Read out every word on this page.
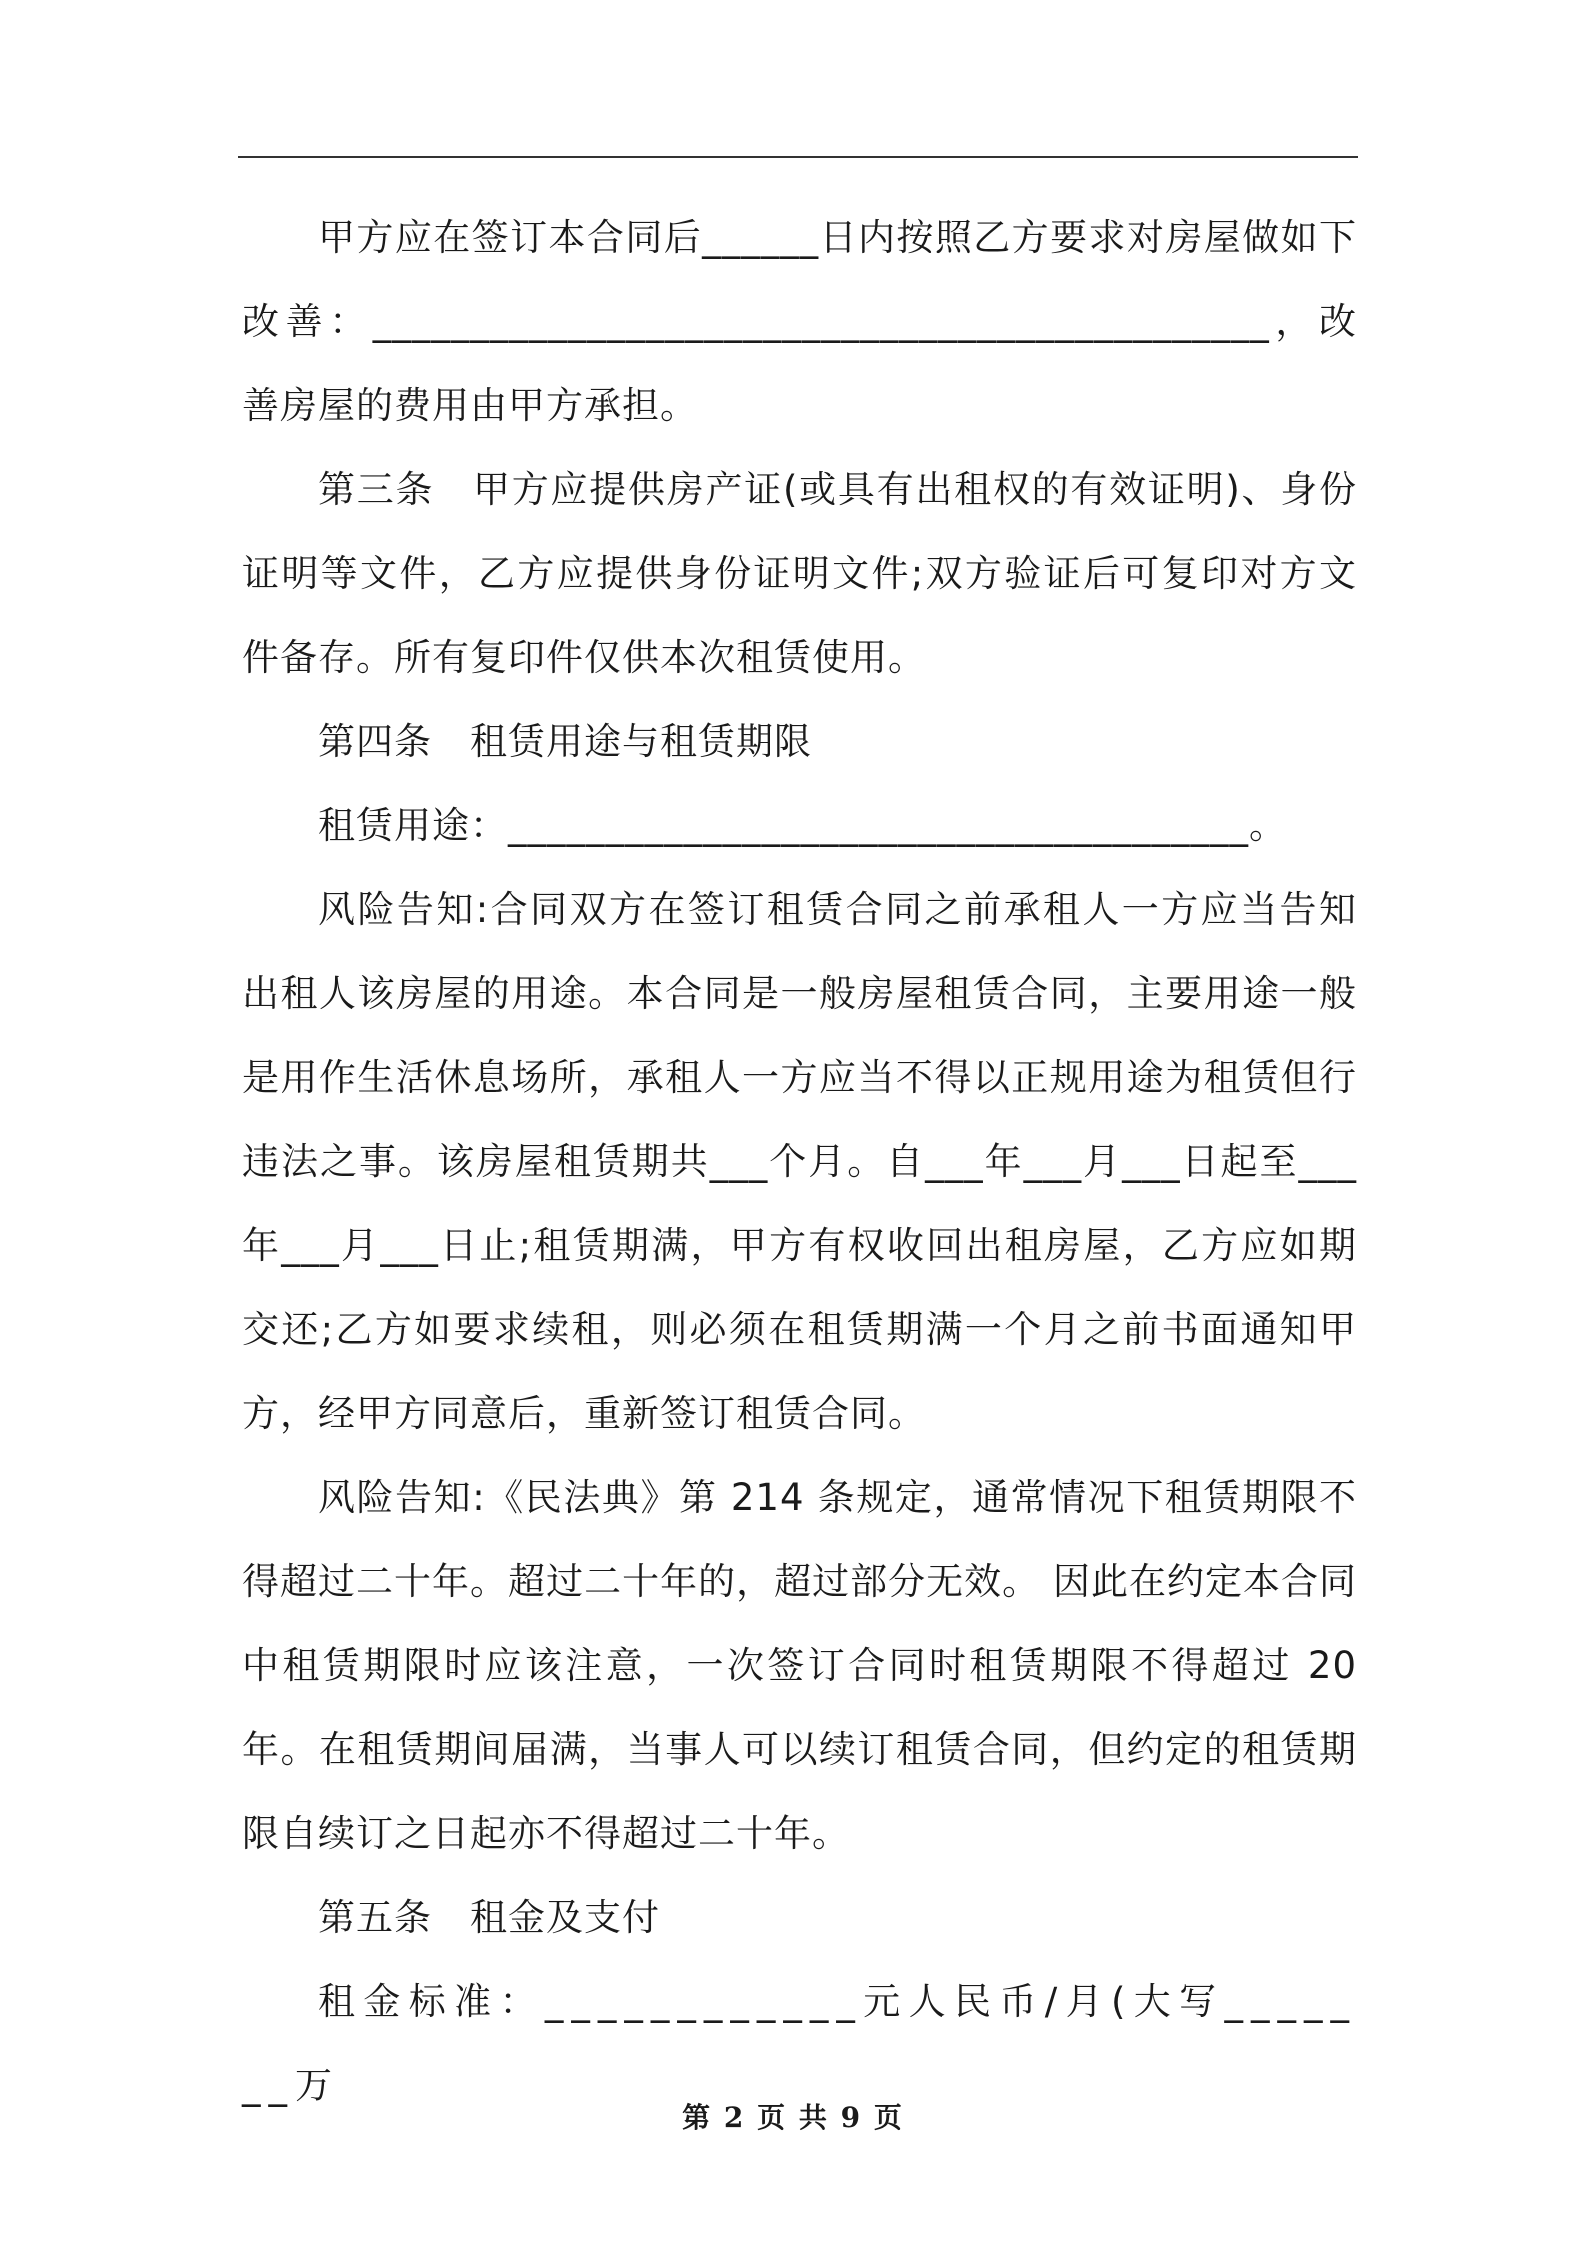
甲方应在签订本合同后______日内按照乙方要求对房屋做如下改善：______________________________________________，改善房屋的费用由甲方承担。

第三条　甲方应提供房产证(或具有出租权的有效证明)、身份证明等文件，乙方应提供身份证明文件;双方验证后可复印对方文件备存。所有复印件仅供本次租赁使用。

第四条　租赁用途与租赁期限

租赁用途：______________________________________。

风险告知:合同双方在签订租赁合同之前承租人一方应当告知出租人该房屋的用途。本合同是一般房屋租赁合同，主要用途一般是用作生活休息场所，承租人一方应当不得以正规用途为租赁但行违法之事。该房屋租赁期共___个月。自___年___月___日起至___年___月___日止;租赁期满，甲方有权收回出租房屋，乙方应如期交还;乙方如要求续租，则必须在租赁期满一个月之前书面通知甲方，经甲方同意后，重新签订租赁合同。

风险告知:《民法典》第 214 条规定，通常情况下租赁期限不得超过二十年。超过二十年的，超过部分无效。 因此在约定本合同中租赁期限时应该注意，一次签订合同时租赁期限不得超过 20 年。在租赁期间届满，当事人可以续订租赁合同，但约定的租赁期限自续订之日起亦不得超过二十年。

第五条　租金及支付

租金标准：____________元人民币/月(大写_______万

第 2 页 共 9 页
